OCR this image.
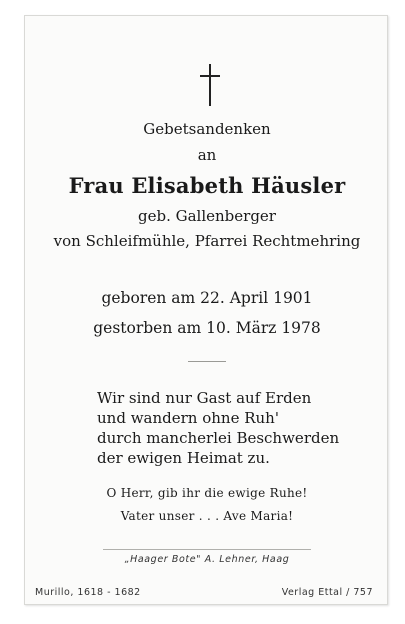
Gebetsandenken
an
Frau Elisabeth Häusler
geb. Gallenberger
von Schleifmühle, Pfarrei Rechtmehring
geboren am 22. April 1901
gestorben am 10. März 1978
Wir sind nur Gast auf Erden
und wandern ohne Ruh'
durch mancherlei Beschwerden
der ewigen Heimat zu.
O Herr, gib ihr die ewige Ruhe!
Vater unser . . . Ave Maria!
„Haager Bote" A. Lehner, Haag
Murillo, 1618 - 1682	Verlag Ettal / 757
